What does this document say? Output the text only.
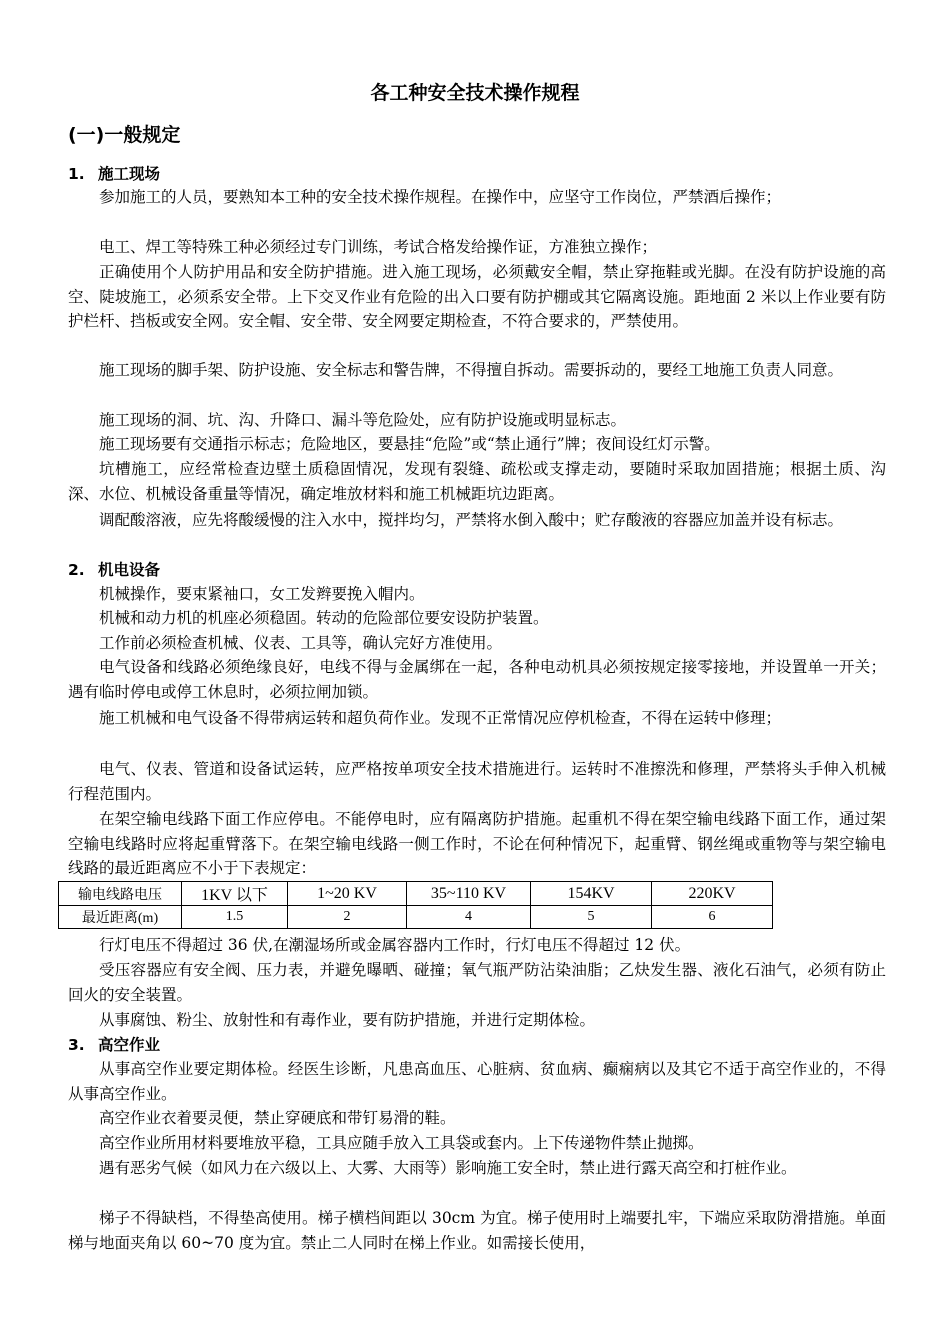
各工种安全技术操作规程
(一)一般规定
1. 施工现场

参加施工的人员，要熟知本工种的安全技术操作规程。在操作中，应坚守工作岗位，严禁酒后操作；

电工、焊工等特殊工种必须经过专门训练，考试合格发给操作证，方准独立操作；

正确使用个人防护用品和安全防护措施。进入施工现场，必须戴安全帽，禁止穿拖鞋或光脚。在没有防护设施的高空、陡坡施工，必须系安全带。上下交叉作业有危险的出入口要有防护棚或其它隔离设施。距地面 2 米以上作业要有防护栏杆、挡板或安全网。安全帽、安全带、安全网要定期检查，不符合要求的，严禁使用。

施工现场的脚手架、防护设施、安全标志和警告牌，不得擅自拆动。需要拆动的，要经工地施工负责人同意。

施工现场的洞、坑、沟、升降口、漏斗等危险处，应有防护设施或明显标志。

施工现场要有交通指示标志；危险地区，要悬挂“危险”或“禁止通行”牌；夜间设红灯示警。

坑槽施工，应经常检查边壁土质稳固情况，发现有裂缝、疏松或支撑走动，要随时采取加固措施；根据土质、沟深、水位、机械设备重量等情况，确定堆放材料和施工机械距坑边距离。

调配酸溶液，应先将酸缓慢的注入水中，搅拌均匀，严禁将水倒入酸中；贮存酸液的容器应加盖并设有标志。

2. 机电设备

机械操作，要束紧袖口，女工发辫要挽入帽内。

机械和动力机的机座必须稳固。转动的危险部位要安设防护装置。

工作前必须检查机械、仪表、工具等，确认完好方准使用。

电气设备和线路必须绝缘良好，电线不得与金属绑在一起，各种电动机具必须按规定接零接地，并设置单一开关；遇有临时停电或停工休息时，必须拉闸加锁。

施工机械和电气设备不得带病运转和超负荷作业。发现不正常情况应停机检查，不得在运转中修理；

电气、仪表、管道和设备试运转，应严格按单项安全技术措施进行。运转时不准擦洗和修理，严禁将头手伸入机械行程范围内。

在架空输电线路下面工作应停电。不能停电时，应有隔离防护措施。起重机不得在架空输电线路下面工作，通过架空输电线路时应将起重臂落下。在架空输电线路一侧工作时，不论在何种情况下，起重臂、钢丝绳或重物等与架空输电线路的最近距离应不小于下表规定：

输电线路电压	1KV 以下	1~20 KV	35~110 KV	154KV	220KV
最近距离(m)	1.5	2	4	5	6

行灯电压不得超过 36 伏,在潮湿场所或金属容器内工作时，行灯电压不得超过 12 伏。

受压容器应有安全阀、压力表，并避免曝晒、碰撞；氧气瓶严防沾染油脂；乙炔发生器、液化石油气，必须有防止回火的安全装置。

从事腐蚀、粉尘、放射性和有毒作业，要有防护措施，并进行定期体检。

3. 高空作业

从事高空作业要定期体检。经医生诊断，凡患高血压、心脏病、贫血病、癫痫病以及其它不适于高空作业的，不得从事高空作业。

高空作业衣着要灵便，禁止穿硬底和带钉易滑的鞋。

高空作业所用材料要堆放平稳，工具应随手放入工具袋或套内。上下传递物件禁止抛掷。

遇有恶劣气候（如风力在六级以上、大雾、大雨等）影响施工安全时，禁止进行露天高空和打桩作业。

梯子不得缺档，不得垫高使用。梯子横档间距以 30cm 为宜。梯子使用时上端要扎牢，下端应采取防滑措施。单面梯与地面夹角以 60~70 度为宜。禁止二人同时在梯上作业。如需接长使用，
